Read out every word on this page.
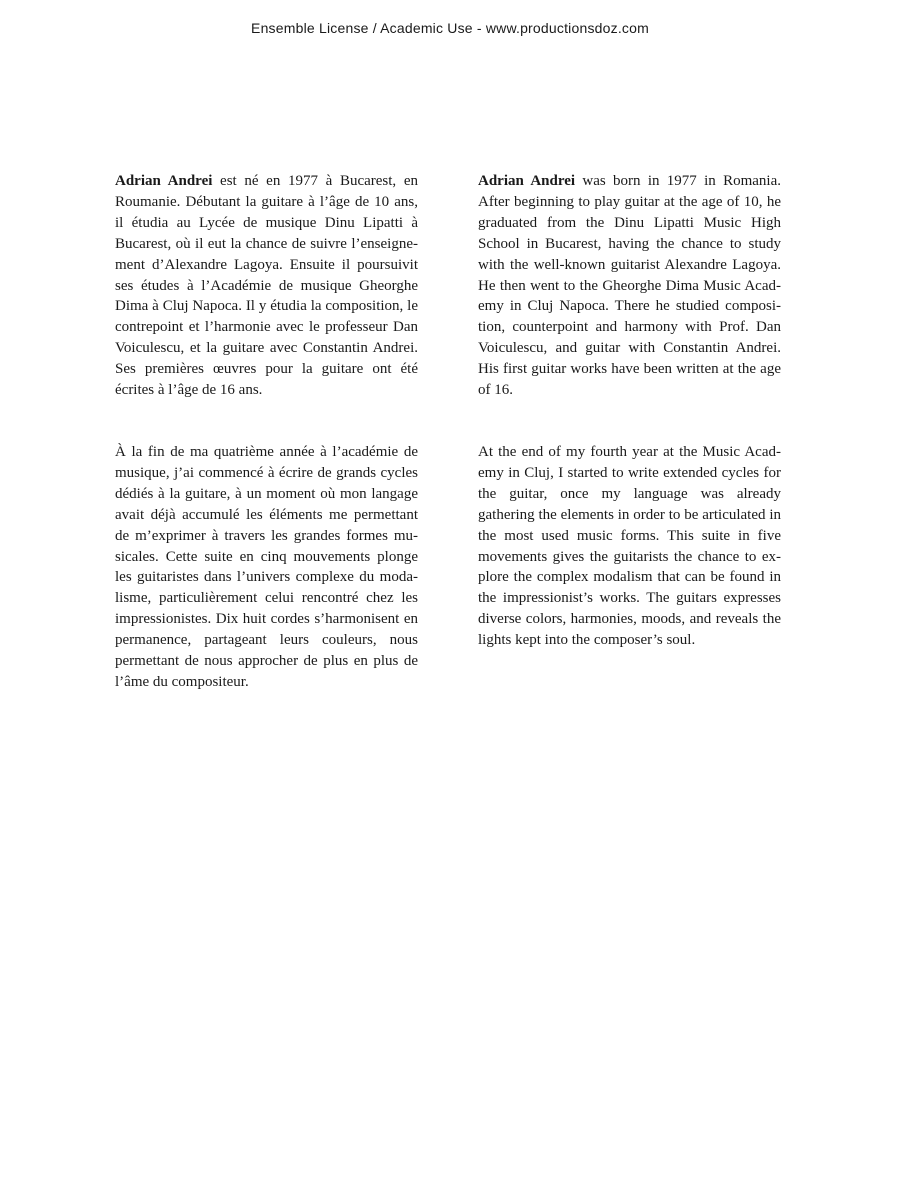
Ensemble License / Academic Use - www.productionsdoz.com

Adrian Andrei est né en 1977 à Bucarest, en Roumanie. Débutant la guitare à l’âge de 10 ans, il étudia au Lycée de musique Dinu Lipatti à Bucarest, où il eut la chance de suivre l’enseignement d’Alexandre Lagoya. Ensuite il poursuivit ses études à l’Académie de musique Gheorghe Dima à Cluj Napoca. Il y étudia la composition, le contrepoint et l’harmonie avec le professeur Dan Voiculescu, et la guitare avec Constantin Andrei. Ses premières œuvres pour la guitare ont été écrites à l’âge de 16 ans.

Adrian Andrei was born in 1977 in Romania. After beginning to play guitar at the age of 10, he graduated from the Dinu Lipatti Music High School in Bucarest, having the chance to study with the well-known guitarist Alexandre Lagoya. He then went to the Gheorghe Dima Music Academy in Cluj Napoca. There he studied composition, counterpoint and harmony with Prof. Dan Voiculescu, and guitar with Constantin Andrei. His first guitar works have been written at the age of 16.

À la fin de ma quatrième année à l’académie de musique, j’ai commencé à écrire de grands cycles dédiés à la guitare, à un moment où mon langage avait déjà accumulé les éléments me permettant de m’exprimer à travers les grandes formes musicales. Cette suite en cinq mouvements plonge les guitaristes dans l’univers complexe du modalisme, particulièrement celui rencontré chez les impressionistes. Dix huit cordes s’harmonisent en permanence, partageant leurs couleurs, nous permettant de nous approcher de plus en plus de l’âme du compositeur.

At the end of my fourth year at the Music Academy in Cluj, I started to write extended cycles for the guitar, once my language was already gathering the elements in order to be articulated in the most used music forms. This suite in five movements gives the guitarists the chance to explore the complex modalism that can be found in the impressionist’s works. The guitars expresses diverse colors, harmonies, moods, and reveals the lights kept into the composer’s soul.
